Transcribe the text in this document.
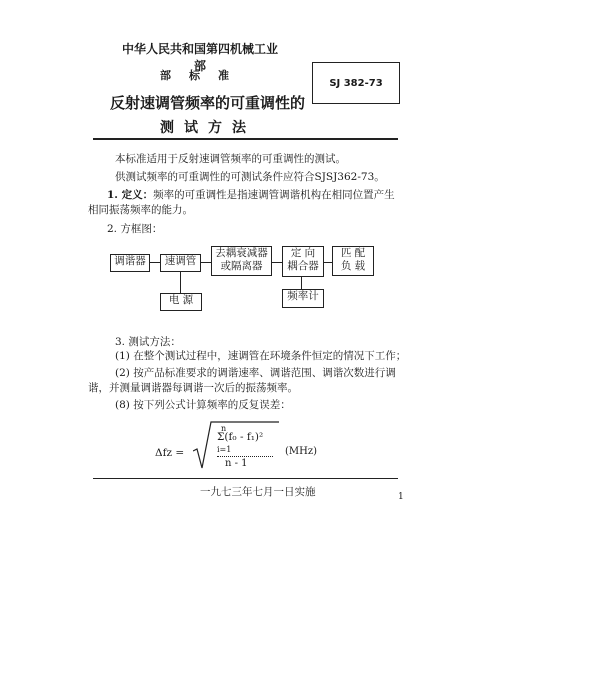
中华人民共和国第四机械工业部
部标准
SJ 382-73
反射速调管频率的可重调性的
测试方法
本标准适用于反射速调管频率的可重调性的测试。
供测试频率的可重调性的可测试条件应符合SJSJ362-73。
1. 定义：频率的可重调性是指速调管调谐机构在相同位置产生
相同振荡频率的能力。
2. 方框图：
调谐器	速调管
去耦衰减器
或隔离器
定 向
耦合器
匹 配
负 载
电 源	频率计
3. 测试方法：
(1) 在整个测试过程中，速调管在环境条件恒定的情况下工作；
(2) 按产品标准要求的调谐速率、调谐范围、调谐次数进行调
谐，并测量调谐器每调谐一次后的振荡频率。
(8) 按下列公式计算频率的反复误差：
Δfz =
n
Σ(f₀ - f₁)²
i=1
n - 1
(MHz)
一九七三年七月一日实施	1
